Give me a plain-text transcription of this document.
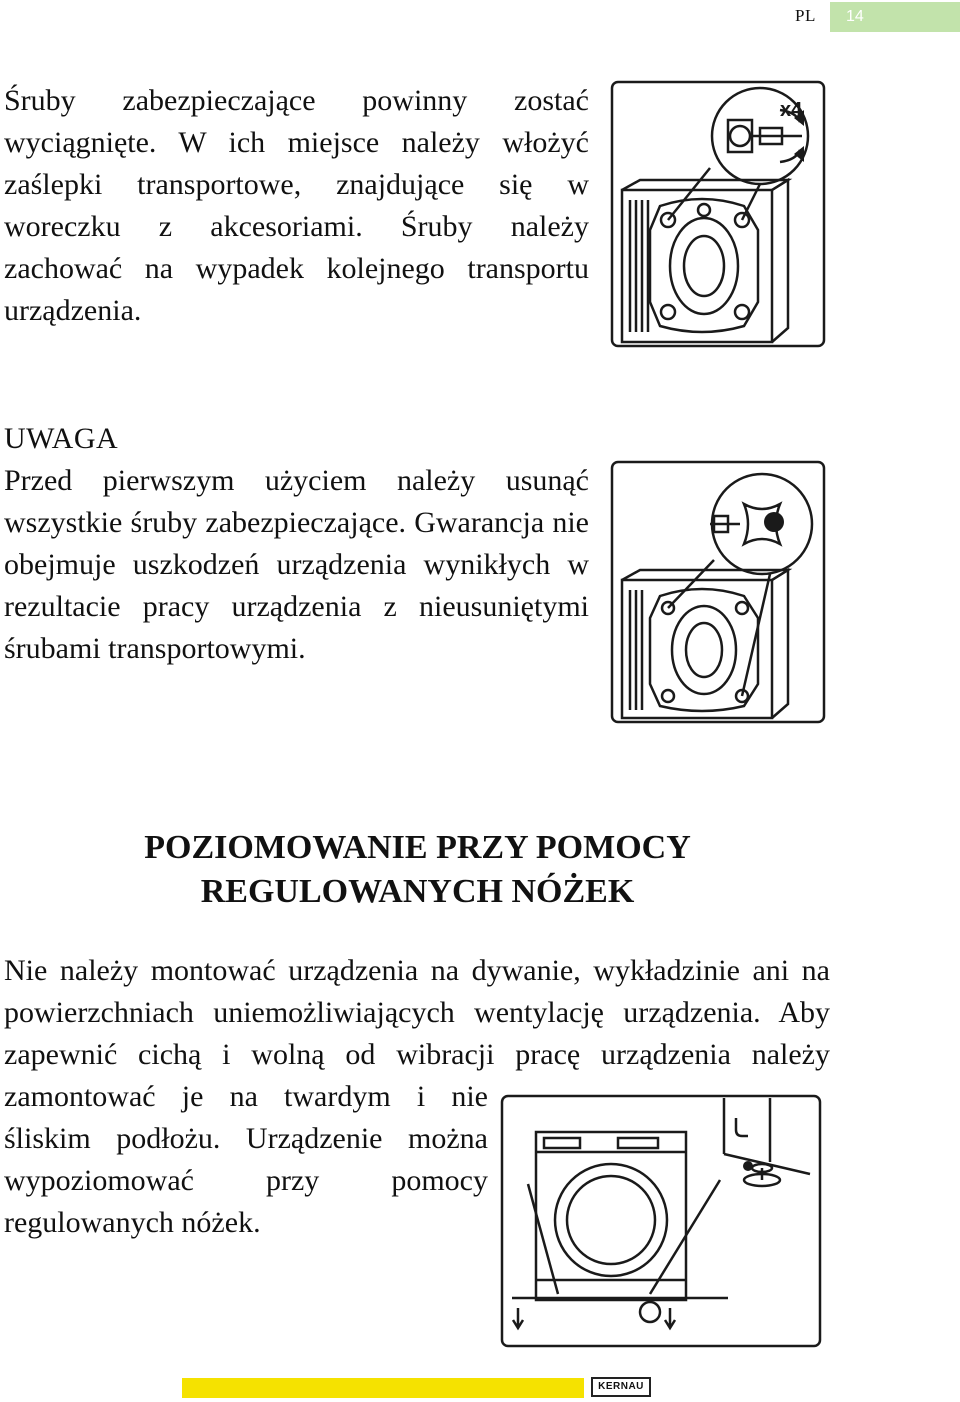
PL	14

Śruby zabezpieczające powinny zostać wyciągnięte. W ich miejsce należy włożyć zaślepki transportowe, znajdujące się w woreczku z akcesoriami. Śruby należy zachować na wypadek kolejnego transportu urządzenia.

x4

UWAGA
Przed pierwszym użyciem należy usunąć wszystkie śruby zabezpieczające. Gwarancja nie obejmuje uszkodzeń urządzenia wynikłych w rezultacie pracy urządzenia z nieusuniętymi śrubami transportowymi.

POZIOMOWANIE PRZY POMOCY
REGULOWANYCH NÓŻEK

Nie należy montować urządzenia na dywanie, wykładzinie ani na powierzchniach uniemożliwiających wentylację urządzenia. Aby zapewnić cichą i wolną od wibracji pracę urządzenia należy zamontować je na twardym i nie śliskim podłożu. Urządzenie można wypoziomować przy pomocy regulowanych nóżek.

KERNAU
